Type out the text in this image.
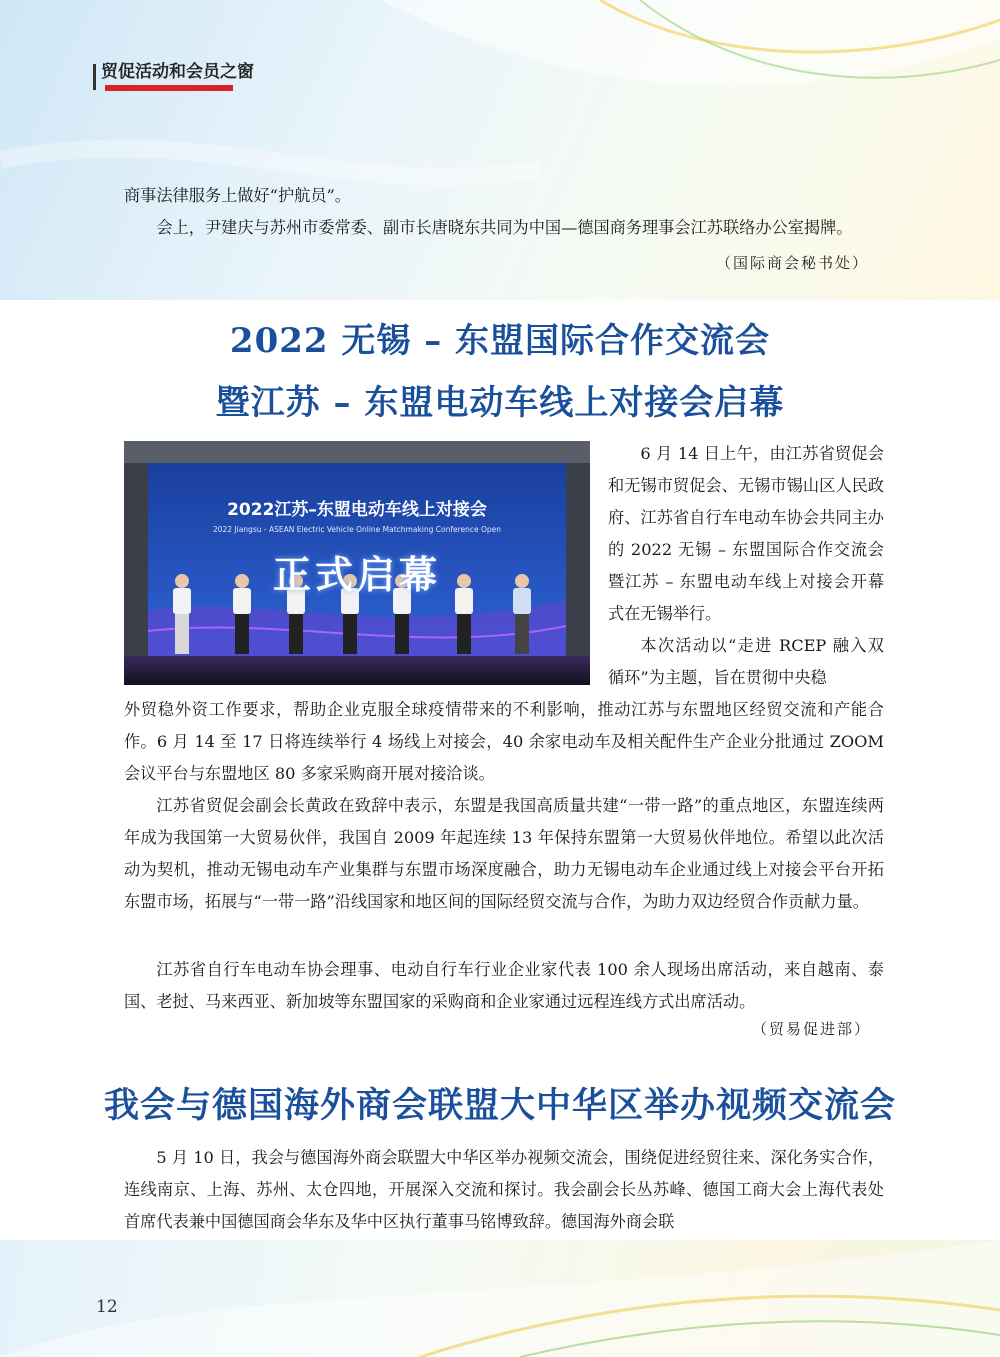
贸促活动和会员之窗
商事法律服务上做好“护航员”。
会上，尹建庆与苏州市委常委、副市长唐晓东共同为中国—德国商务理事会江苏联络办公室揭牌。
（国际商会秘书处）
2022 无锡 – 东盟国际合作交流会
暨江苏 – 东盟电动车线上对接会启幕
2022江苏–东盟电动车线上对接会
2022 Jiangsu - ASEAN Electric Vehicle Online Matchmaking Conference Open
正式启幕
6 月 14 日上午，由江苏省贸促会和无锡市贸促会、无锡市锡山区人民政府、江苏省自行车电动车协会共同主办的 2022 无锡 – 东盟国际合作交流会暨江苏 – 东盟电动车线上对接会开幕式在无锡举行。
本次活动以“走进 RCEP 融入双循环”为主题，旨在贯彻中央稳
外贸稳外资工作要求，帮助企业克服全球疫情带来的不利影响，推动江苏与东盟地区经贸交流和产能合作。6 月 14 至 17 日将连续举行 4 场线上对接会，40 余家电动车及相关配件生产企业分批通过 ZOOM 会议平台与东盟地区 80 多家采购商开展对接洽谈。
江苏省贸促会副会长黄政在致辞中表示，东盟是我国高质量共建“一带一路”的重点地区，东盟连续两年成为我国第一大贸易伙伴，我国自 2009 年起连续 13 年保持东盟第一大贸易伙伴地位。希望以此次活动为契机，推动无锡电动车产业集群与东盟市场深度融合，助力无锡电动车企业通过线上对接会平台开拓东盟市场，拓展与“一带一路”沿线国家和地区间的国际经贸交流与合作，为助力双边经贸合作贡献力量。
江苏省自行车电动车协会理事、电动自行车行业企业家代表 100 余人现场出席活动，来自越南、泰国、老挝、马来西亚、新加坡等东盟国家的采购商和企业家通过远程连线方式出席活动。
（贸易促进部）
我会与德国海外商会联盟大中华区举办视频交流会
5 月 10 日，我会与德国海外商会联盟大中华区举办视频交流会，围绕促进经贸往来、深化务实合作，连线南京、上海、苏州、太仓四地，开展深入交流和探讨。我会副会长丛苏峰、德国工商大会上海代表处首席代表兼中国德国商会华东及华中区执行董事马铭博致辞。德国海外商会联
12
